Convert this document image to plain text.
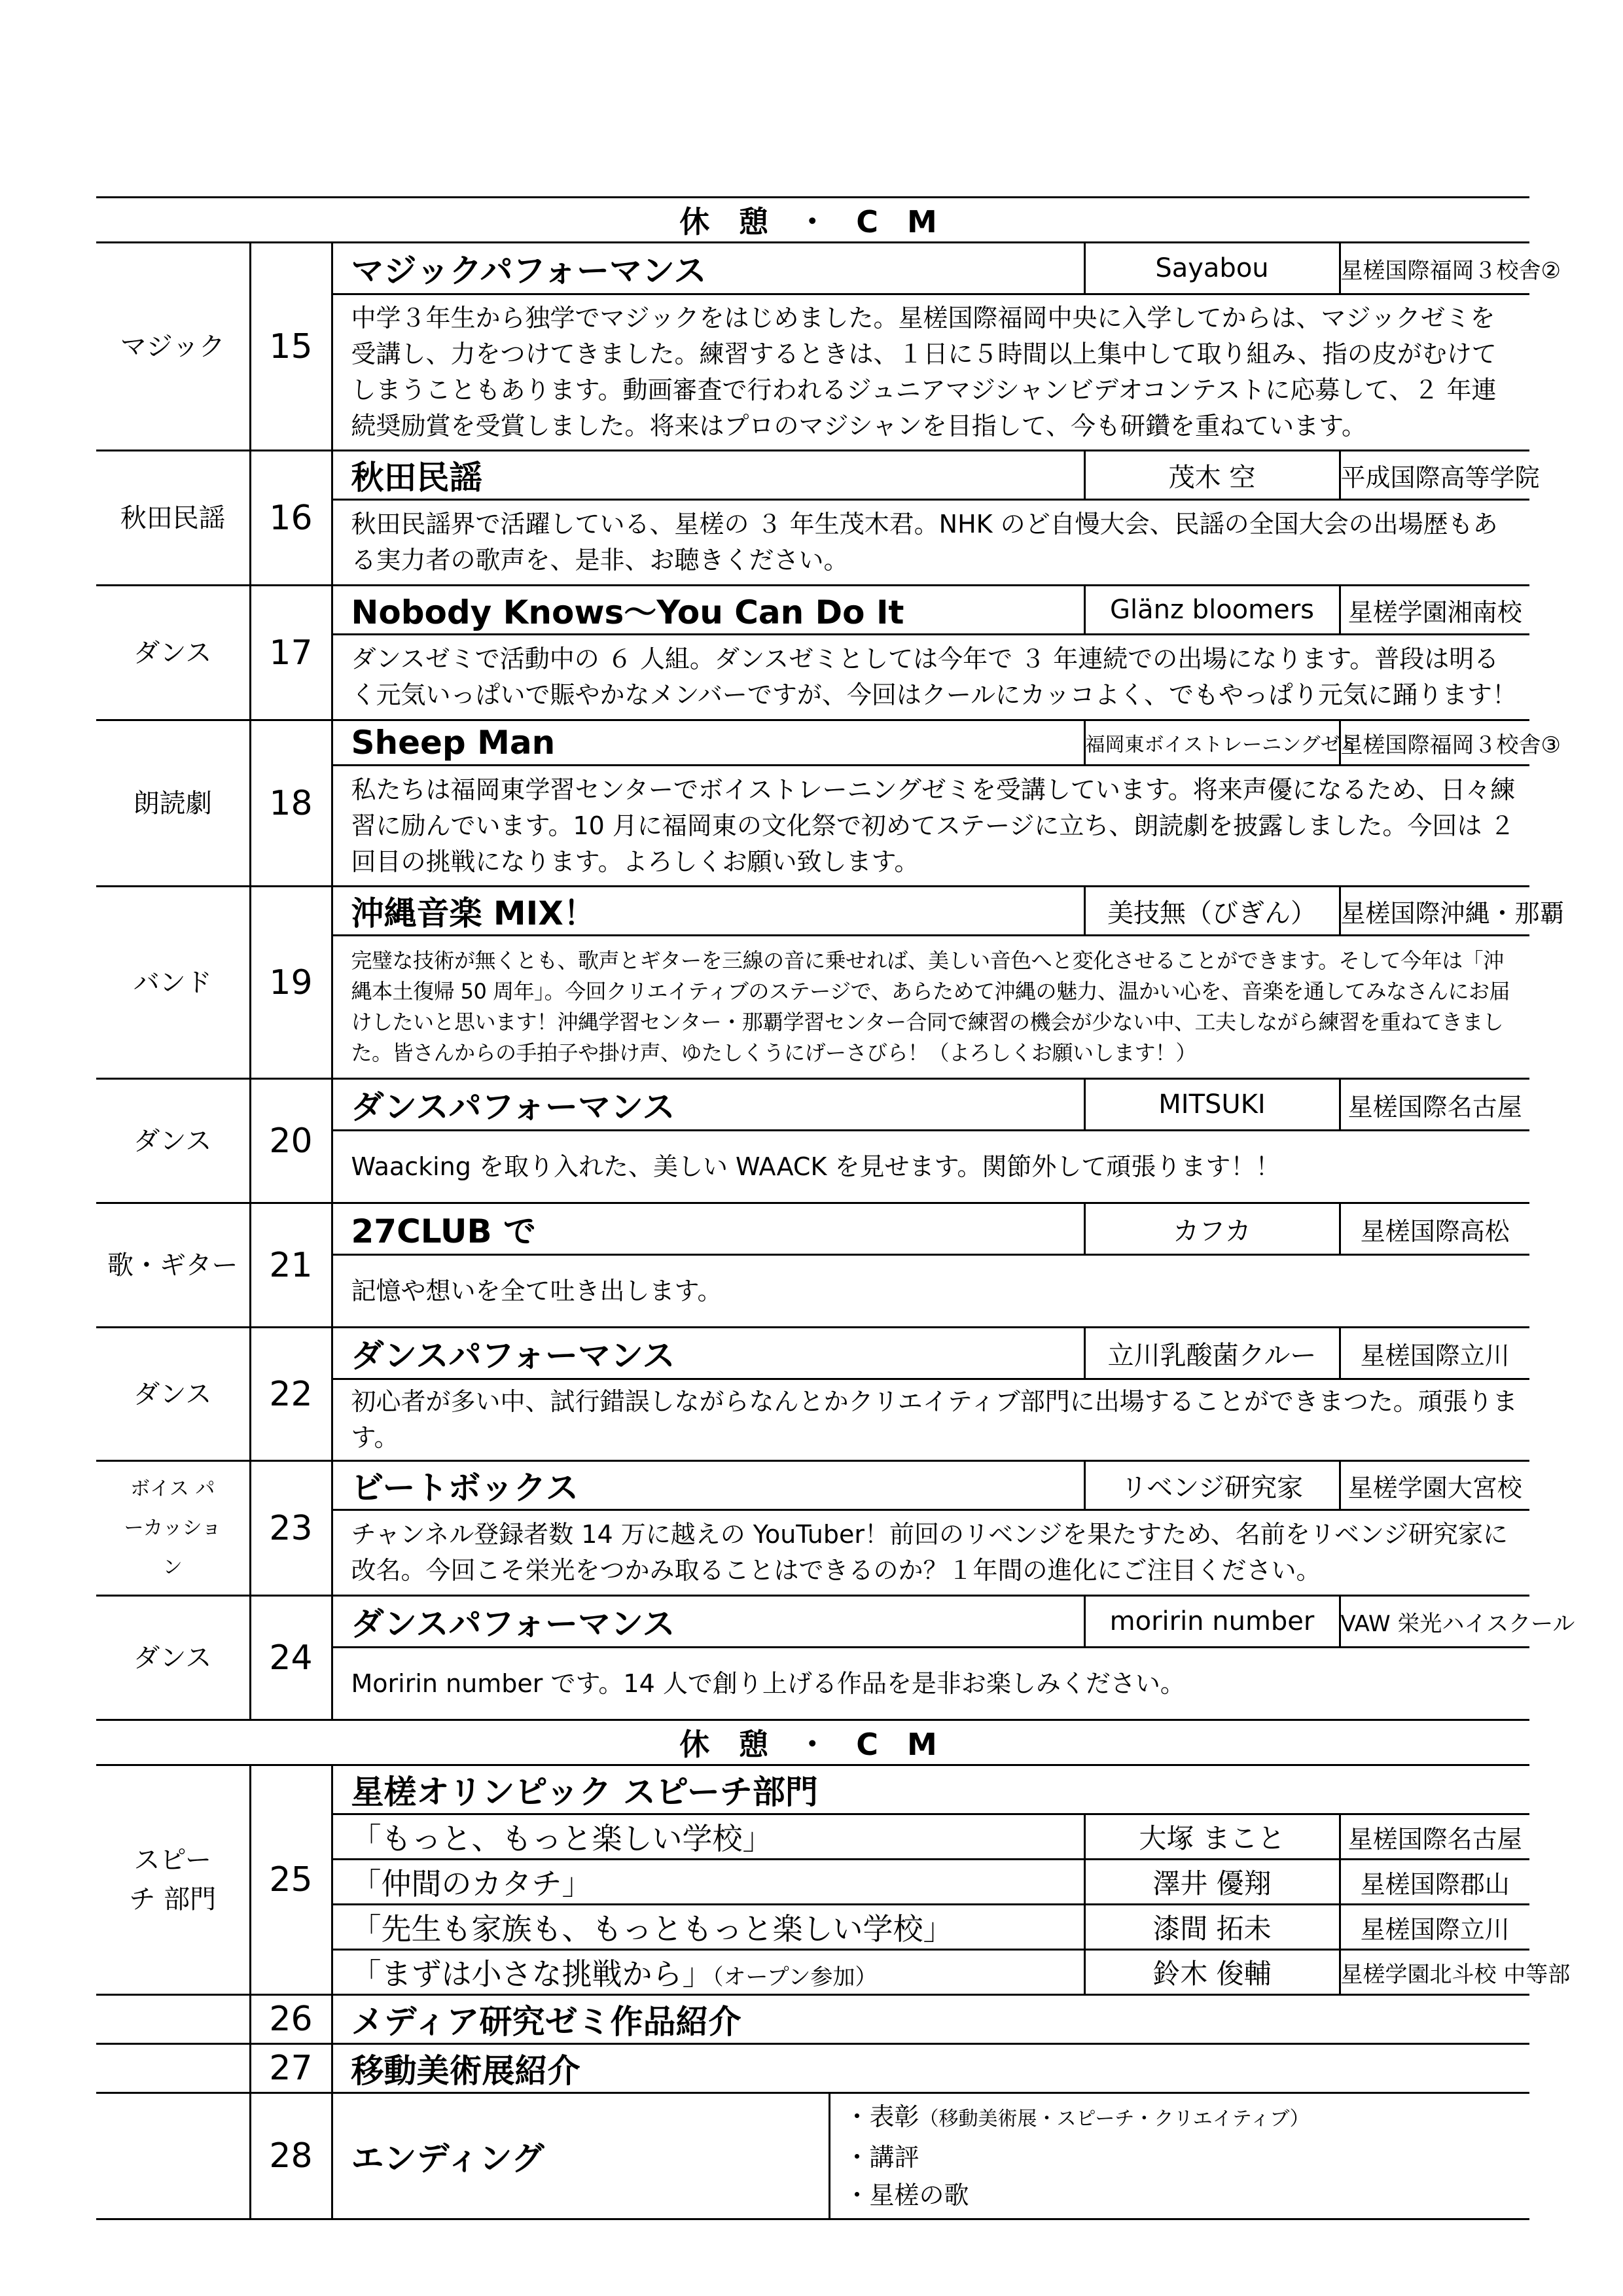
休 憩 ・ C M					
マジック	15	マジックパフォーマンス		Sayabou	星槎国際福岡３校舎②
		中学３年生から独学でマジックをはじめました。星槎国際福岡中央に入学してからは、マジックゼミを受講し、力をつけてきました。練習するときは、１日に５時間以上集中して取り組み、指の皮がむけてしまうこともあります。動画審査で行われるジュニアマジシャンビデオコンテストに応募して、２ 年連続奨励賞を受賞しました。将来はプロのマジシャンを目指して、今も研鑽を重ねています。			
秋田民謡	16	秋田民謡		茂木 空	平成国際高等学院
		秋田民謡界で活躍している、星槎の ３ 年生茂木君。NHK のど自慢大会、民謡の全国大会の出場歴もある実力者の歌声を、是非、お聴きください。			
ダンス	17	Nobody Knows～You Can Do It		Glänz bloomers	星槎学園湘南校
		ダンスゼミで活動中の ６ 人組。ダンスゼミとしては今年で ３ 年連続での出場になります。普段は明るく元気いっぱいで賑やかなメンバーですが、今回はクールにカッコよく、でもやっぱり元気に踊ります！			
朗読劇	18	Sheep Man		福岡東ボイストレーニングゼミ	星槎国際福岡３校舎③
		私たちは福岡東学習センターでボイストレーニングゼミを受講しています。将来声優になるため、日々練習に励んでいます。10 月に福岡東の文化祭で初めてステージに立ち、朗読劇を披露しました。今回は ２ 回目の挑戦になります。よろしくお願い致します。			
バンド	19	沖縄音楽 MIX！		美技無（びぎん）	星槎国際沖縄・那覇
		完璧な技術が無くとも、歌声とギターを三線の音に乗せれば、美しい音色へと変化させることができます。そして今年は「沖縄本土復帰 50 周年」。今回クリエイティブのステージで、あらためて沖縄の魅力、温かい心を、音楽を通してみなさんにお届けしたいと思います！沖縄学習センター・那覇学習センター合同で練習の機会が少ない中、工夫しながら練習を重ねてきました。皆さんからの手拍子や掛け声、ゆたしくうにげーさびら！（よろしくお願いします！）			
ダンス	20	ダンスパフォーマンス		MITSUKI	星槎国際名古屋
		Waacking を取り入れた、美しい WAACK を見せます。関節外して頑張ります！！			
歌・ギター	21	27CLUB で		カフカ	星槎国際高松
		記憶や想いを全て吐き出します。			
ダンス	22	ダンスパフォーマンス		立川乳酸菌クルー	星槎国際立川
		初心者が多い中、試行錯誤しながらなんとかクリエイティブ部門に出場することができまつた。頑張ります。			
ボイス パーカッション	23	ビートボックス		リベンジ研究家	星槎学園大宮校
		チャンネル登録者数 14 万に越えの YouTuber！前回のリベンジを果たすため、名前をリベンジ研究家に改名。今回こそ栄光をつかみ取ることはできるのか？１年間の進化にご注目ください。			
ダンス	24	ダンスパフォーマンス		moririn number	VAW 栄光ハイスクール
		Moririn number です。14 人で創り上げる作品を是非お楽しみください。			
休 憩 ・ C M					
スピーチ 部門	25	星槎オリンピック スピーチ部門			
		「もっと、もっと楽しい学校」		大塚 まこと	星槎国際名古屋
		「仲間のカタチ」		澤井 優翔	星槎国際郡山
		「先生も家族も、もっともっと楽しい学校」		漆間 拓未	星槎国際立川
		「まずは小さな挑戦から」（オープン参加）		鈴木 俊輔	星槎学園北斗校 中等部
	26	メディア研究ゼミ作品紹介			
	27	移動美術展紹介			
	28	エンディング	・表彰（移動美術展・スピーチ・クリエイティブ）
・講評
・星槎の歌		
